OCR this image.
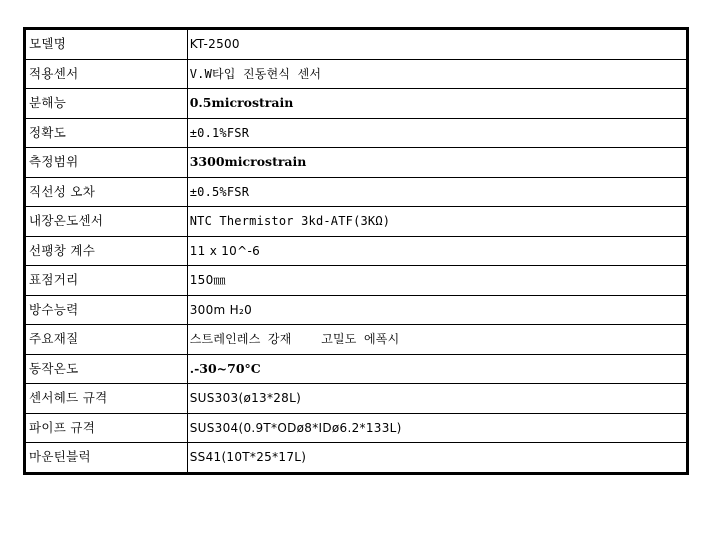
모델명	KT-2500
적용센서	V.W타입 진동현식 센서
분해능	0.5microstrain
정확도	±0.1%FSR
측정범위	3300microstrain
직선성 오차	±0.5%FSR
내장온도센서	NTC Thermistor 3kd-ATF(3KΩ)
선팽창 계수	11 x 10^-6
표점거리	150㎜
방수능력	300m H₂0
주요재질	스트레인레스 강재    고밀도 에폭시
동작온도	.-30~70°C
센서헤드 규격	SUS303(ø13*28L)
파이프 규격	SUS304(0.9T*ODø8*IDø6.2*133L)
마운틴블럭	SS41(10T*25*17L)
